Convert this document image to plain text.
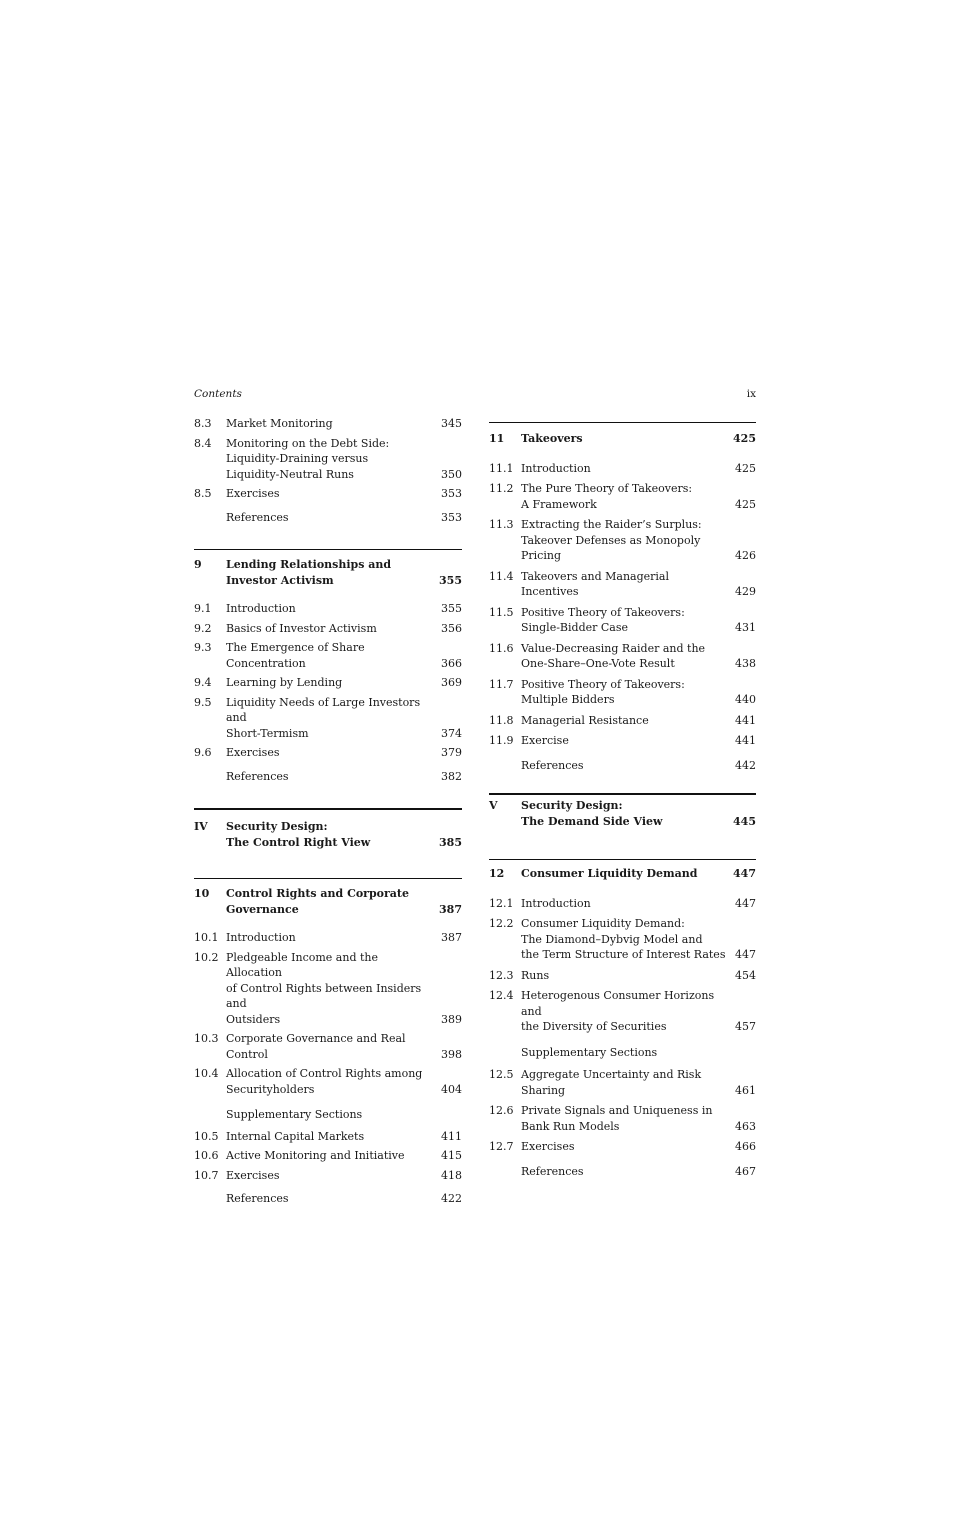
Contents	ix
8.3	Market Monitoring	345
8.4	Monitoring on the Debt Side:
Liquidity-Draining versus
Liquidity-Neutral Runs	350
8.5	Exercises	353
References	353
9	Lending Relationships and
Investor Activism	355
9.1	Introduction	355
9.2	Basics of Investor Activism	356
9.3	The Emergence of Share Concentration	366
9.4	Learning by Lending	369
9.5	Liquidity Needs of Large Investors and
Short-Termism	374
9.6	Exercises	379
References	382
IV	Security Design:
The Control Right View	385
10	Control Rights and Corporate
Governance	387
10.1 Introduction	387
10.2 Pledgeable Income and the Allocation
of Control Rights between Insiders and
Outsiders	389
10.3 Corporate Governance and Real Control	398
10.4 Allocation of Control Rights among
Securityholders	404
Supplementary Sections
10.5 Internal Capital Markets	411
10.6 Active Monitoring and Initiative	415
10.7 Exercises	418
References	422
11	Takeovers	425
11.1 Introduction	425
11.2 The Pure Theory of Takeovers:
A Framework	425
11.3 Extracting the Raider’s Surplus:
Takeover Defenses as Monopoly Pricing	426
11.4 Takeovers and Managerial Incentives	429
11.5 Positive Theory of Takeovers:
Single-Bidder Case	431
11.6 Value-Decreasing Raider and the
One-Share–One-Vote Result	438
11.7 Positive Theory of Takeovers:
Multiple Bidders	440
11.8 Managerial Resistance	441
11.9 Exercise	441
References	442
V	Security Design:
The Demand Side View	445
12	Consumer Liquidity Demand	447
12.1 Introduction	447
12.2 Consumer Liquidity Demand:
The Diamond–Dybvig Model and
the Term Structure of Interest Rates 447
12.3 Runs	454
12.4 Heterogenous Consumer Horizons and
the Diversity of Securities	457
Supplementary Sections
12.5 Aggregate Uncertainty and Risk Sharing	461
12.6 Private Signals and Uniqueness in
Bank Run Models	463
12.7 Exercises	466
References	467
